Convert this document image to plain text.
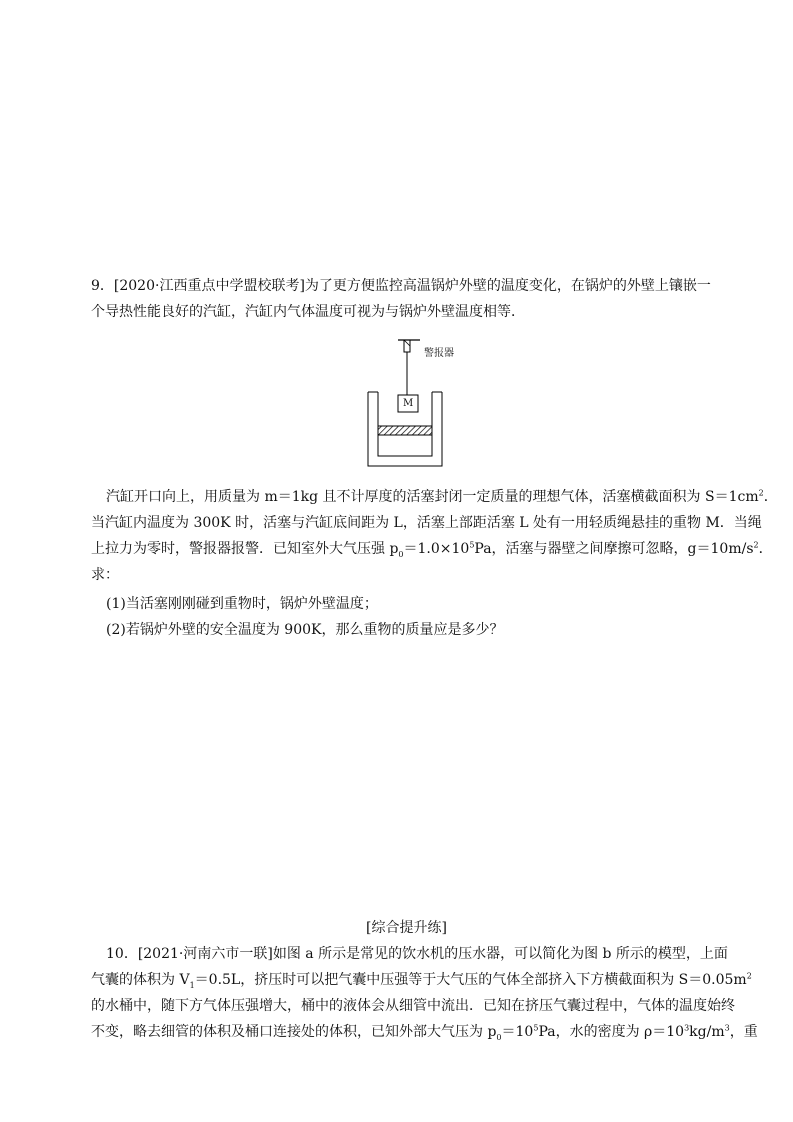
9．[2020·江西重点中学盟校联考]为了更方便监控高温锅炉外壁的温度变化，在锅炉的外壁上镶嵌一
个导热性能良好的汽缸，汽缸内气体温度可视为与锅炉外壁温度相等．
警报器
M
汽缸开口向上，用质量为 m＝1kg 且不计厚度的活塞封闭一定质量的理想气体，活塞横截面积为 $S=1cm^2$．
当汽缸内温度为 300K 时，活塞与汽缸底间距为 L，活塞上部距活塞 L 处有一用轻质绳悬挂的重物 M．当绳
上拉力为零时，警报器报警．已知室外大气压强 $p_0=1.0\times 10^5Pa$，活塞与器壁之间摩擦可忽略，$g=10m/s^2$．
求：
(1)当活塞刚刚碰到重物时，锅炉外壁温度；
(2)若锅炉外壁的安全温度为 900K，那么重物的质量应是多少？
[综合提升练]
10．[2021·河南六市一联]如图 a 所示是常见的饮水机的压水器，可以简化为图 b 所示的模型，上面
气囊的体积为 $V_1=0.5L$，挤压时可以把气囊中压强等于大气压的气体全部挤入下方横截面积为 $S=0.05m^2$
的水桶中，随下方气体压强增大，桶中的液体会从细管中流出．已知在挤压气囊过程中，气体的温度始终
不变，略去细管的体积及桶口连接处的体积，已知外部大气压为 $p_0=10^5Pa$，水的密度为 $\rho=10^3kg/m^3$，重
